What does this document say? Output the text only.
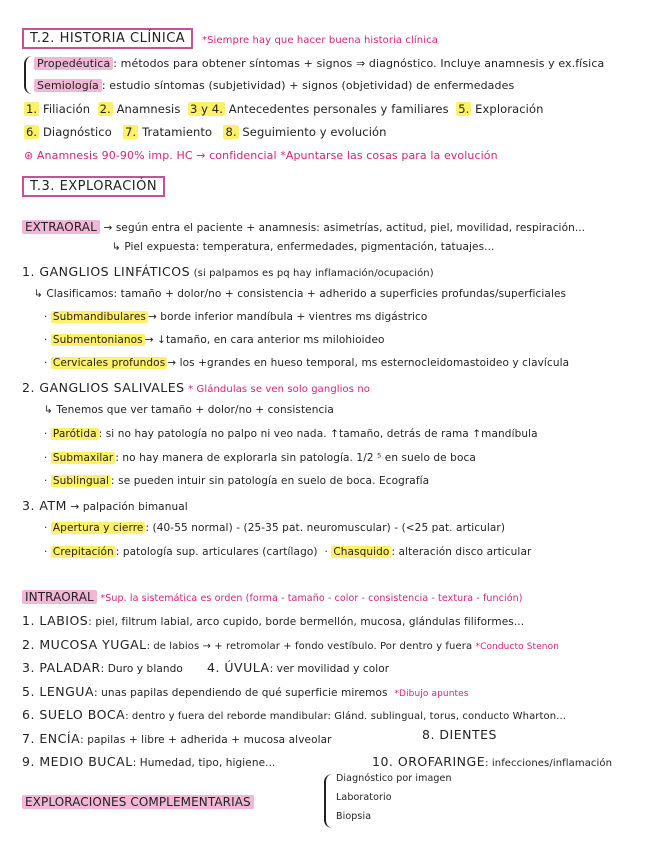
T.2. HISTORIA CLÍNICA	*Siempre hay que hacer buena historia clínica
Propedéutica : métodos para obtener síntomas + signos ⇒ diagnóstico. Incluye anamnesis y ex.física
Semiología : estudio síntomas (subjetividad) + signos (objetividad) de enfermedades
1. Filiación 2. Anamnesis 3 y 4. Antecedentes personales y familiares 5. Exploración
6. Diagnóstico 7. Tratamiento 8. Seguimiento y evolución
⊛ Anamnesis 90-90% imp. HC → confidencial *Apuntarse las cosas para la evolución
T.3. EXPLORACIÓN
EXTRAORAL → según entra el paciente + anamnesis: asimetrías, actitud, piel, movilidad, respiración...
↳ Piel expuesta: temperatura, enfermedades, pigmentación, tatuajes...
1. GANGLIOS LINFÁTICOS (si palpamos es pq hay inflamación/ocupación)
↳ Clasificamos: tamaño + dolor/no + consistencia + adherido a superficies profundas/superficiales
· Submandibulares → borde inferior mandíbula + vientres ms digástrico
· Submentonianos → ↓tamaño, en cara anterior ms milohioideo
· Cervicales profundos → los +grandes en hueso temporal, ms esternocleidomastoideo y clavícula
2. GANGLIOS SALIVALES * Glándulas se ven solo ganglios no
↳ Tenemos que ver tamaño + dolor/no + consistencia
· Parótida : si no hay patología no palpo ni veo nada. ↑tamaño, detrás de rama ↑mandíbula
· Submaxilar : no hay manera de explorarla sin patología. 1/2 ⁵ en suelo de boca
· Sublingual : se pueden intuir sin patología en suelo de boca. Ecografía
3. ATM → palpación bimanual
· Apertura y cierre : (40-55 normal) - (25-35 pat. neuromuscular) - (<25 pat. articular)
· Crepitación : patología sup. articulares (cartílago)  · Chasquido : alteración disco articular
INTRAORAL *Sup. la sistemática es orden (forma - tamaño - color - consistencia - textura - función)
1. LABIOS: piel, filtrum labial, arco cupido, borde bermellón, mucosa, glándulas filiformes...
2. MUCOSA YUGAL: de labios → + retromolar + fondo vestíbulo. Por dentro y fuera *Conducto Stenon
3. PALADAR: Duro y blando 4. ÚVULA: ver movilidad y color
5. LENGUA: unas papilas dependiendo de qué superficie miremos *Dibujo apuntes
6. SUELO BOCA: dentro y fuera del reborde mandibular: Glánd. sublingual, torus, conducto Wharton...
7. ENCÍA: papilas + libre + adherida + mucosa alveolar	8. DIENTES
9. MEDIO BUCAL: Humedad, tipo, higiene...	10. OROFARINGE: infecciones/inflamación
EXPLORACIONES COMPLEMENTARIAS
Diagnóstico por imagen
Laboratorio
Biopsia
